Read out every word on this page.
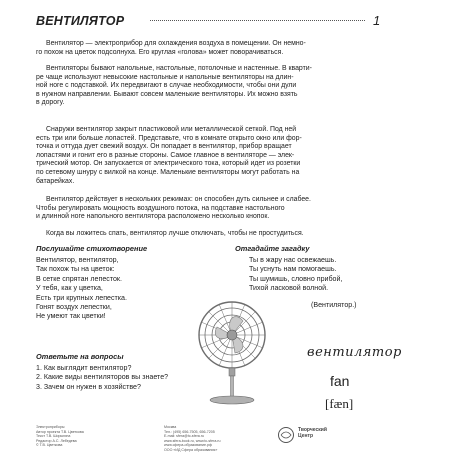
ВЕНТИЛЯТОР	1
Вентилятор — электроприбор для охлаждения воздуха в помещении. Он немно-
го похож на цветок подсолнуха. Его круглая «голова» может поворачиваться.
Вентиляторы бывают напольные, настольные, потолочные и настенные. В кварти-
ре чаще используют невысокие настольные и напольные вентиляторы на длин-
ной ноге с подставкой. Их передвигают в случае необходимости, чтобы они дули
в нужном направлении. Бывают совсем маленькие вентиляторы. Их можно взять
в дорогу.
Снаружи вентилятор закрыт пластиковой или металлической сеткой. Под ней
есть три или больше лопастей. Представьте, что в комнате открыто окно или фор-
точка и оттуда дует свежий воздух. Он попадает в вентилятор, прибор вращает
лопастями и гонит его в разные стороны. Самое главное в вентиляторе — элек-
трический мотор. Он запускается от электрического тока, который идет из розетки
по сетевому шнуру с вилкой на конце. Маленькие вентиляторы могут работать на
батарейках.
Вентилятор действует в нескольких режимах: он способен дуть сильнее и слабее.
Чтобы регулировать мощность воздушного потока, на подставке настольного
и длинной ноге напольного вентилятора расположено несколько кнопок.
Когда вы ложитесь спать, вентилятор лучше отключать, чтобы не простудиться.
Послушайте стихотворение
Вентилятор, вентилятор,
Так похож ты на цветок:
В сетке спрятан лепесток.
У тебя, как у цветка,
Есть три крупных лепестка.
Гонят воздух лепестки,
Не умеют так цветки!
Отгадайте загадку
Ты в жару нас освежаешь.
Ты уснуть нам помогаешь.
Ты шумишь, словно прибой,
Тихой ласковой волной.
(Вентилятор.)
Ответьте на вопросы
1. Как выглядит вентилятор?
2. Какие виды вентиляторов вы знаете?
3. Зачем он нужен в хозяйстве?
вентилятор
fan
[fæn]
Электроприборы
Автор проекта Т.В. Цветкова
Текст Т.В. Шорыгина
Редактор А.С. Лебедева
© Т.В. Цветкова
Москва
Тел.: (495) 656-7505, 656-7205
E-mail: sfera@tc-sfera.ru
www.sfera-book.ru, www.tc-sfera.ru
www.сфера-образование.рф
ООО «ИД Сфера образования»
Творческий
Центр
